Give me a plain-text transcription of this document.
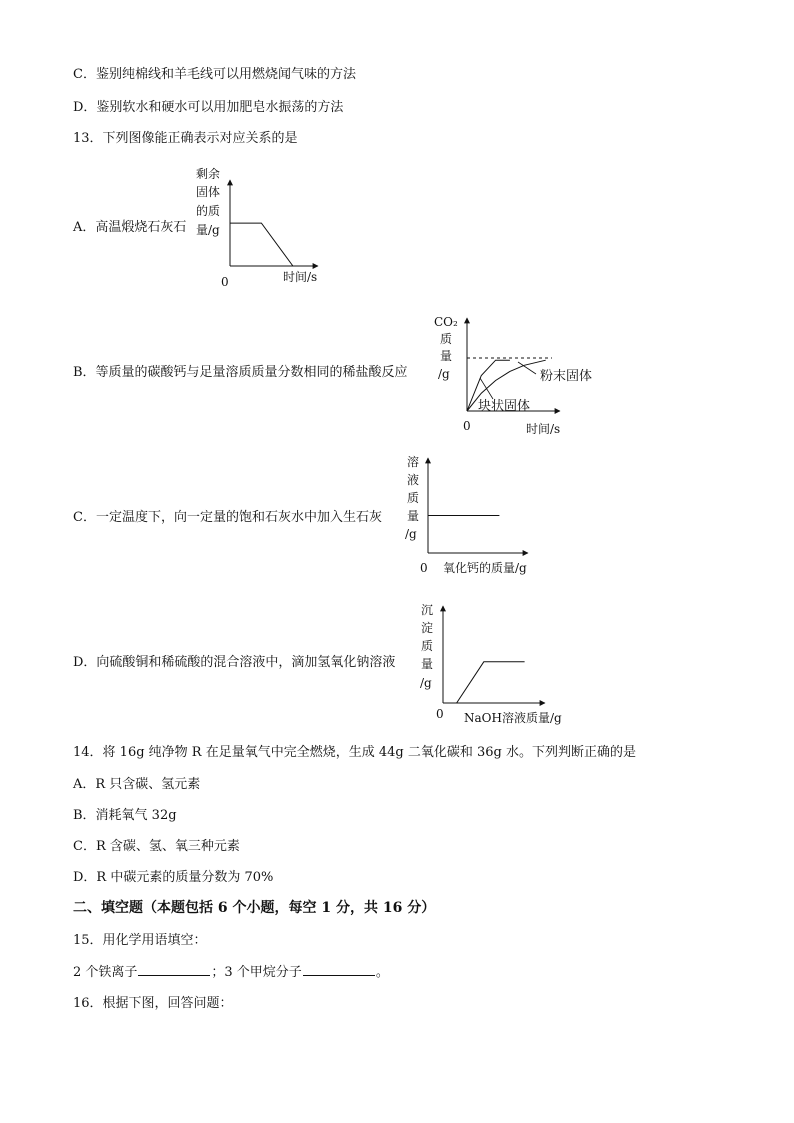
C．鉴别纯棉线和羊毛线可以用燃烧闻气味的方法
D．鉴别软水和硬水可以用加肥皂水振荡的方法
13．下列图像能正确表示对应关系的是
A．高温煅烧石灰石
B．等质量的碳酸钙与足量溶质质量分数相同的稀盐酸反应
C．一定温度下，向一定量的饱和石灰水中加入生石灰
D．向硫酸铜和稀硫酸的混合溶液中，滴加氢氧化钠溶液
剩余
固体
的质
量/g
0	时间/s
CO₂
质
量
/g	粉末固体
块状固体
0	时间/s
溶
液
质
量
/g
0 氧化钙的质量/g
沉
淀
质
量
/g
0 NaOH溶液质量/g
14．将 16g 纯净物 R 在足量氧气中完全燃烧，生成 44g 二氧化碳和 36g 水。下列判断正确的是
A．R 只含碳、氢元素
B．消耗氧气 32g
C．R 含碳、氢、氧三种元素
D．R 中碳元素的质量分数为 70%
二、填空题（本题包括 6 个小题，每空 1 分，共 16 分）
15．用化学用语填空：
2 个铁离子	；3 个甲烷分子	。
16．根据下图，回答问题：
